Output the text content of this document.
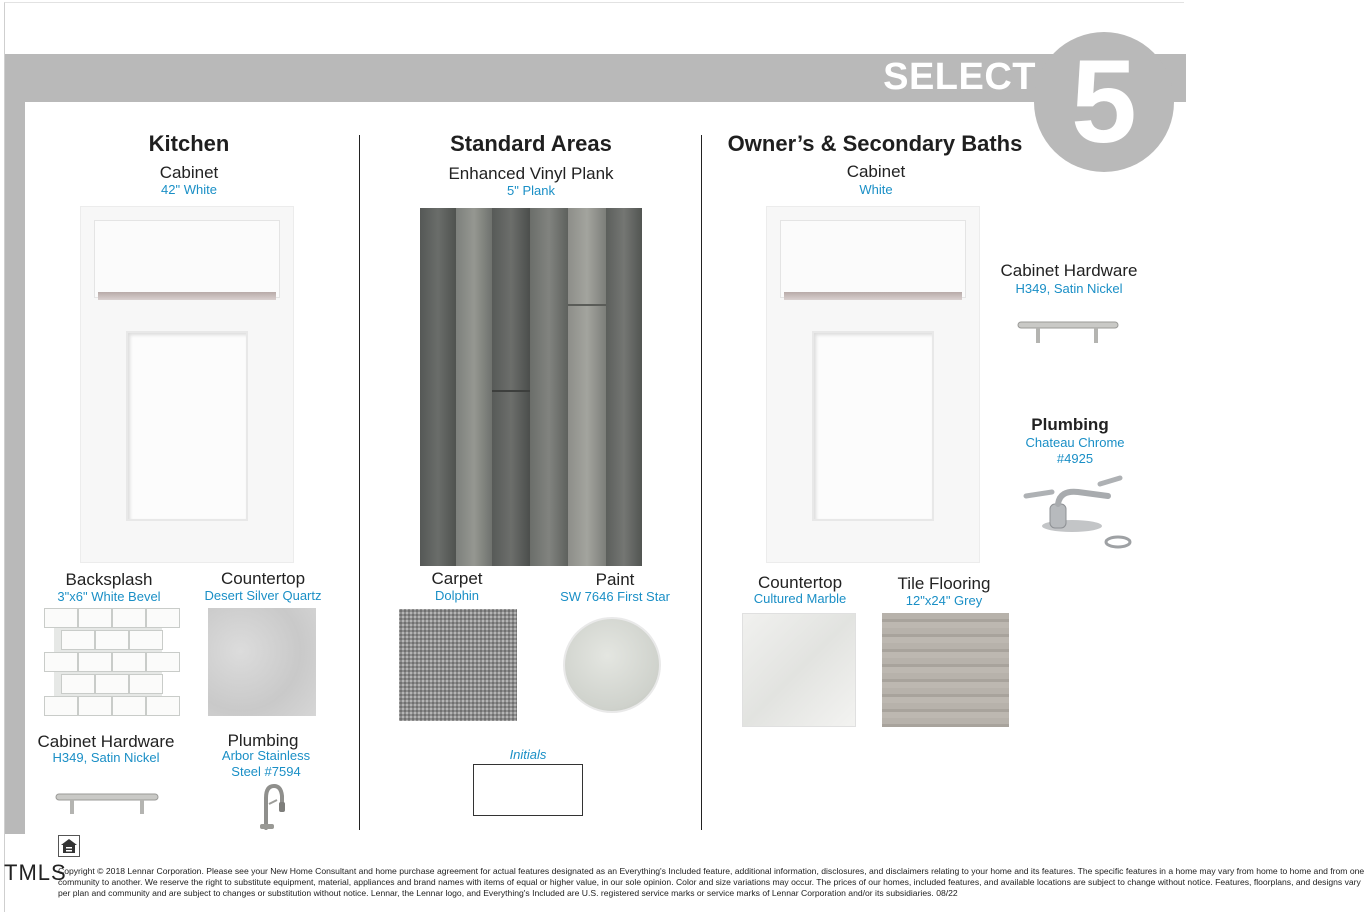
SELECT 5
Kitchen
Cabinet
42" White
Backsplash
3"x6" White Bevel
Countertop
Desert Silver Quartz
Cabinet Hardware
H349, Satin Nickel
Plumbing
Arbor Stainless
Steel #7594
Standard Areas
Enhanced Vinyl Plank
5" Plank
Carpet
Dolphin
Paint
SW 7646 First Star
Initials
Owner’s & Secondary Baths
Cabinet
White
Cabinet Hardware
H349, Satin Nickel
Plumbing
Chateau Chrome
#4925
Countertop
Cultured Marble
Tile Flooring
12"x24" Grey
TMLS
Copyright © 2018 Lennar Corporation. Please see your New Home Consultant and home purchase agreement for actual features designated as an Everything's Included feature, additional information, disclosures, and disclaimers relating to your home and its features. The specific features in a home may vary from home to home and from one
community to another. We reserve the right to substitute equipment, material, appliances and brand names with items of equal or higher value, in our sole opinion. Color and size variations may occur. The prices of our homes, included features, and available locations are subject to change without notice. Features, floorplans, and designs vary
per plan and community and are subject to changes or substitution without notice. Lennar, the Lennar logo, and Everything's Included are U.S. registered service marks or service marks of Lennar Corporation and/or its subsidiaries. 08/22
